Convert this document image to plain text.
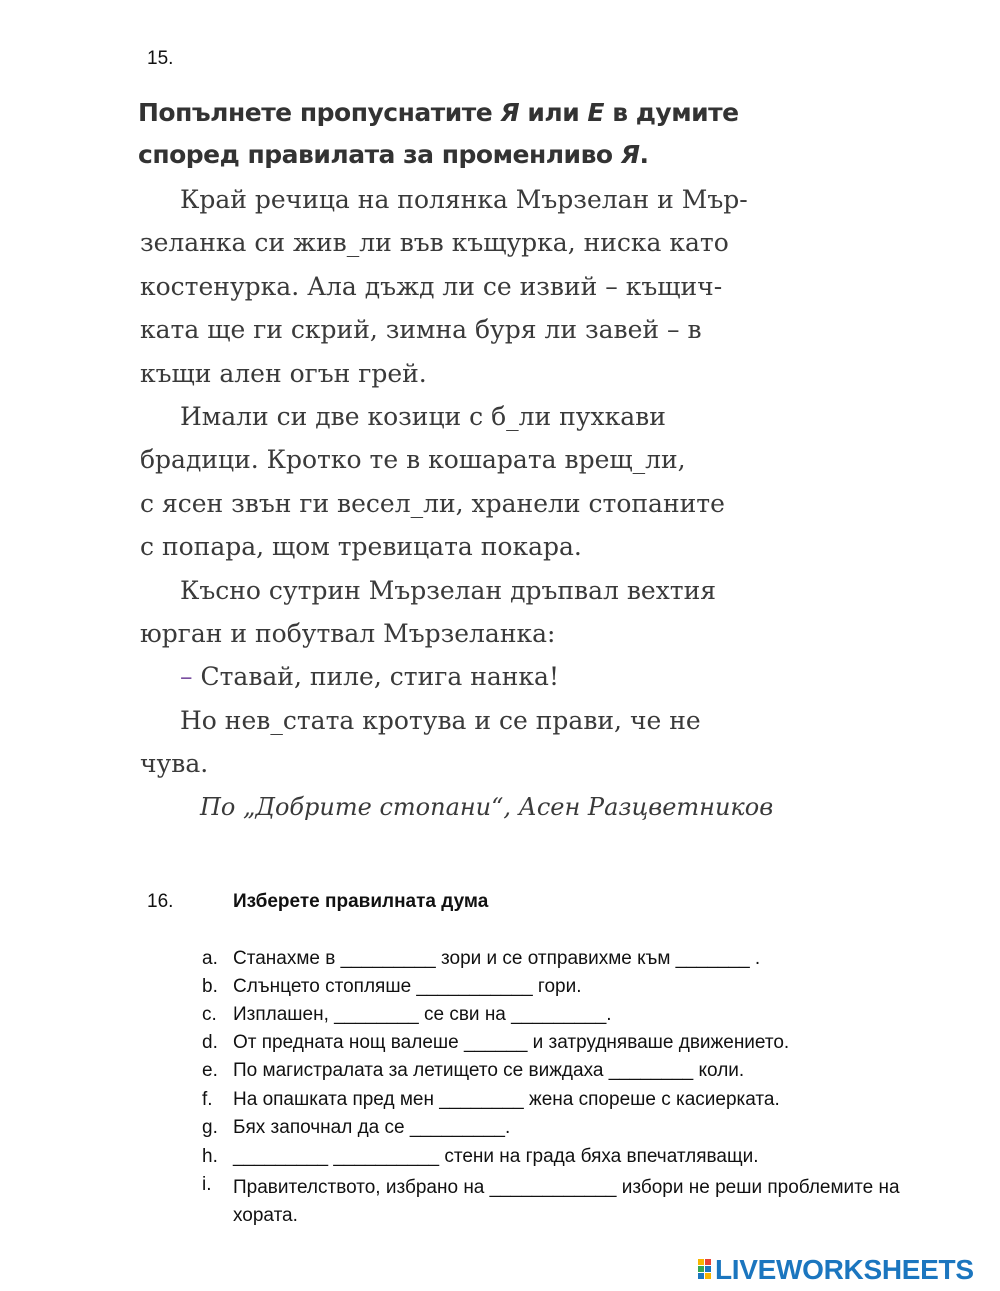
15.
Попълнете пропуснатите Я или Е в думите
според правилата за променливо Я.

Край речица на полянка Мързелан и Мър-

зеланка си жив_ли във къщурка, ниска като

костенурка. Ала дъжд ли се извий – къщич-

ката ще ги скрий, зимна буря ли завей – в

къщи ален огън грей.

Имали си две козици с б_ли пухкави

брадици. Кротко те в кошарата врещ_ли,

с ясен звън ги весел_ли, хранели стопаните

с попара, щом тревицата покара.

Късно сутрин Мързелан дръпвал вехтия

юрган и побутвал Мързеланка:

– Ставай, пиле, стига нанка!

Но нев_стата кротува и се прави, че не

чува.

По „Добрите стопани“, Асен Разцветников
16.	Изберете правилната дума
a. Станахме в _________ зори и се отправихме към _______ .
b. Слънцето стопляше ___________ гори.
c. Изплашен, ________ се сви на _________.
d. От предната нощ валеше ______ и затрудняваше движението.
e. По магистралата за летището се виждаха ________ коли.
f.	На опашката пред мен ________ жена спореше с касиерката.
g. Бях започнал да се _________.
h. _________ __________ стени на града бяха впечатляващи.
i.	Правителството, избрано на ____________ избори не реши проблемите на хората.
LIVEWORKSHEETS
